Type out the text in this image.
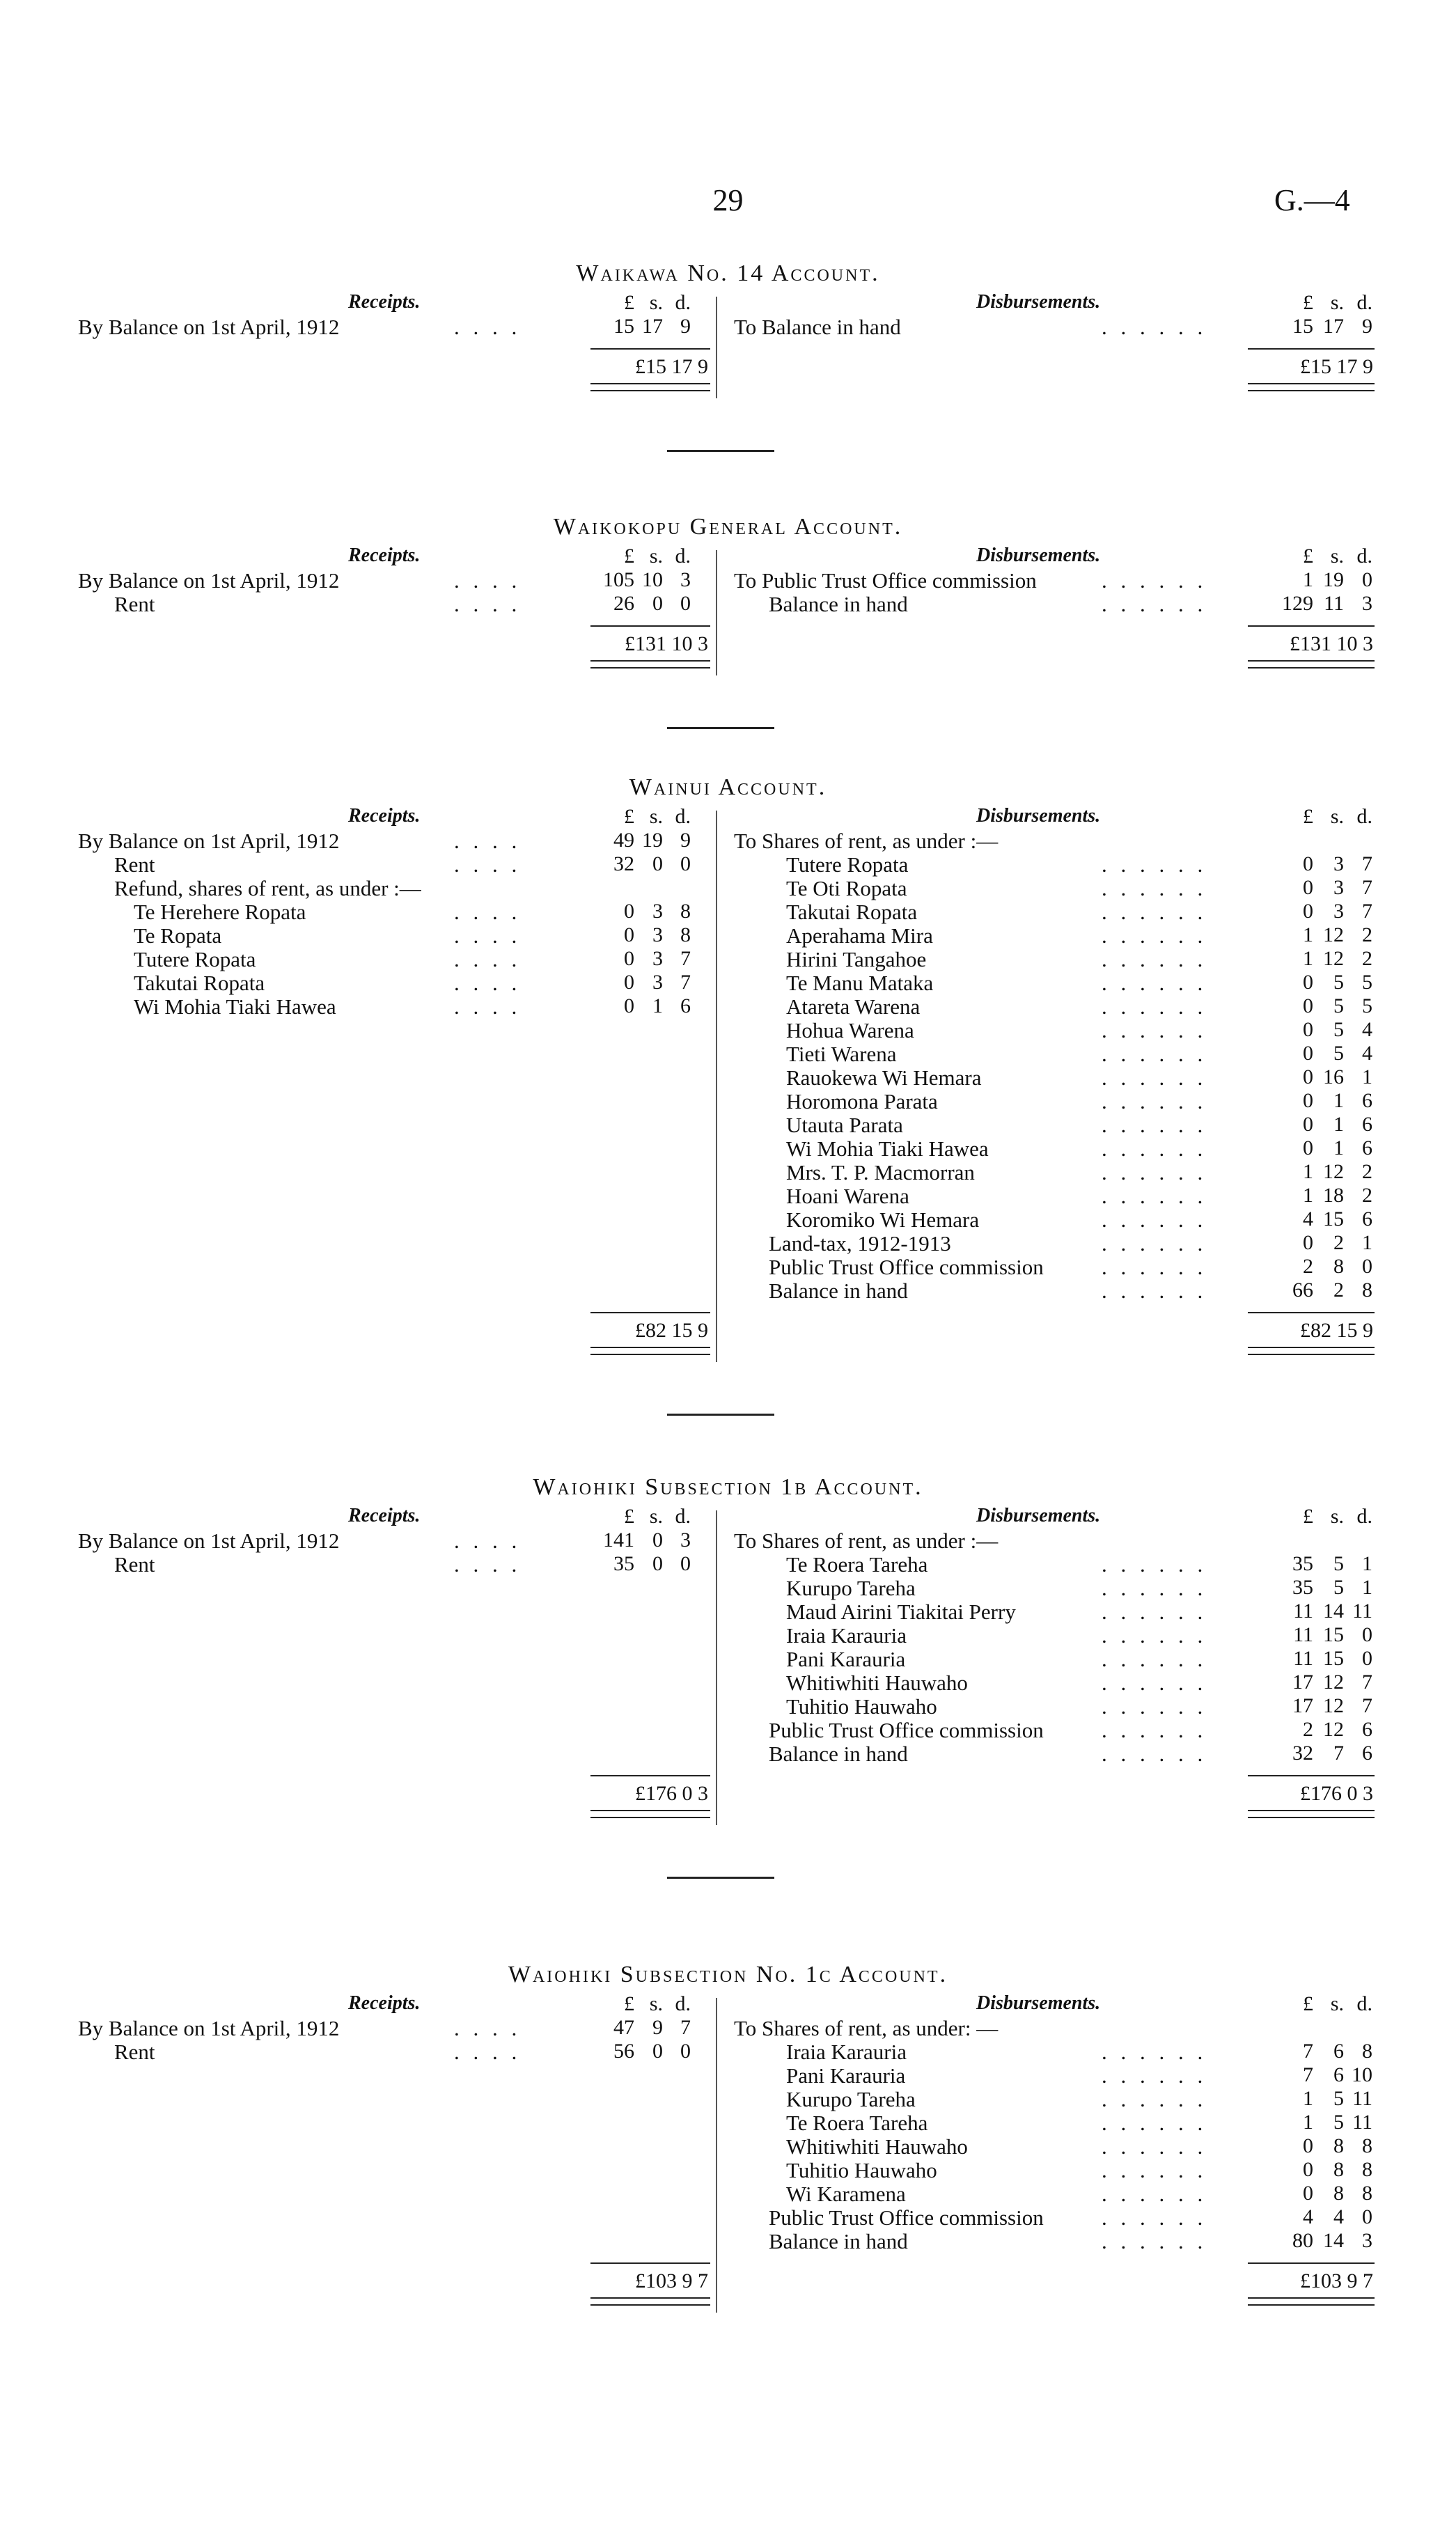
29	G.—4
Waikawa No. 14 Account.
Receipts.	Disbursements.
£ s. d.	£ s. d.
By Balance on 1st April, 1912	. . . .	15 17 9 To Balance in hand	. . . . . .	15 17 9
£15 17 9	£15 17 9
Waikokopu General Account.
Receipts.	Disbursements.
£ s. d.	£ s. d.
By Balance on 1st April, 1912	. . . .	105 10 3
Rent	. . . .	26 0 0
To Public Trust Office commission	. . . . . .	1 19 0
Balance in hand	. . . . . .	129 11 3
£131 10 3	£131 10 3
Wainui Account.
Receipts.	Disbursements.
£ s. d.	£ s. d.
By Balance on 1st April, 1912	. . . .	49 19 9
Rent	. . . .	32 0 0
Refund, shares of rent, as under :—
Te Herehere Ropata	. . . .	0 3 8
Te Ropata	. . . .	0 3 8
Tutere Ropata	. . . .	0 3 7
Takutai Ropata	. . . .	0 3 7
Wi Mohia Tiaki Hawea	. . . .	0 1 6
To Shares of rent, as under :—
Tutere Ropata	. . . . . .	0 3 7
Te Oti Ropata	. . . . . .	0 3 7
Takutai Ropata	. . . . . .	0 3 7
Aperahama Mira	. . . . . .	1 12 2
Hirini Tangahoe	. . . . . .	1 12 2
Te Manu Mataka	. . . . . .	0 5 5
Atareta Warena	. . . . . .	0 5 5
Hohua Warena	. . . . . .	0 5 4
Tieti Warena	. . . . . .	0 5 4
Rauokewa Wi Hemara	. . . . . .	0 16 1
Horomona Parata	. . . . . .	0 1 6
Utauta Parata	. . . . . .	0 1 6
Wi Mohia Tiaki Hawea	. . . . . .	0 1 6
Mrs. T. P. Macmorran	. . . . . .	1 12 2
Hoani Warena	. . . . . .	1 18 2
Koromiko Wi Hemara	. . . . . .	4 15 6
Land-tax, 1912-1913	. . . . . .	0 2 1
Public Trust Office commission	. . . . . .	2 8 0
Balance in hand	. . . . . .	66 2 8
£82 15 9	£82 15 9
Waiohiki Subsection 1b Account.
Receipts.	Disbursements.
£ s. d.	£ s. d.
By Balance on 1st April, 1912	. . . .	141 0 3
Rent	. . . .	35 0 0
To Shares of rent, as under :—
Te Roera Tareha	. . . . . .	35 5 1
Kurupo Tareha	. . . . . .	35 5 1
Maud Airini Tiakitai Perry	. . . . . .	11 14 11
Iraia Karauria	. . . . . .	11 15 0
Pani Karauria	. . . . . .	11 15 0
Whitiwhiti Hauwaho	. . . . . .	17 12 7
Tuhitio Hauwaho	. . . . . .	17 12 7
Public Trust Office commission	. . . . . .	2 12 6
Balance in hand	. . . . . .	32 7 6
£176 0 3	£176 0 3
Waiohiki Subsection No. 1c Account.
Receipts.	Disbursements.
£ s. d.	£ s. d.
By Balance on 1st April, 1912	. . . .	47 9 7
Rent	. . . .	56 0 0
To Shares of rent, as under: —
Iraia Karauria	. . . . . .	7 6 8
Pani Karauria	. . . . . .	7 6 10
Kurupo Tareha	. . . . . .	1 5 11
Te Roera Tareha	. . . . . .	1 5 11
Whitiwhiti Hauwaho	. . . . . .	0 8 8
Tuhitio Hauwaho	. . . . . .	0 8 8
Wi Karamena	. . . . . .	0 8 8
Public Trust Office commission	. . . . . .	4 4 0
Balance in hand	. . . . . .	80 14 3
£103 9 7	£103 9 7
